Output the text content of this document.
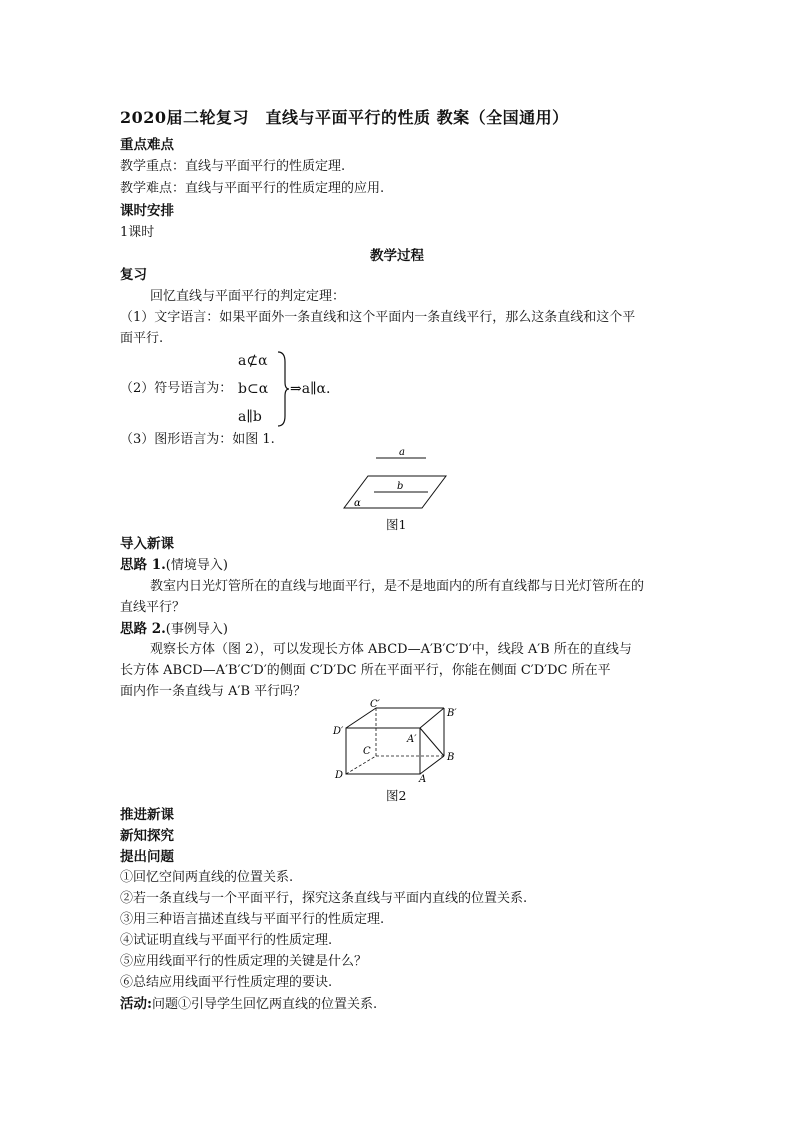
2020届二轮复习　直线与平面平行的性质 教案（全国通用）
重点难点
教学重点：直线与平面平行的性质定理.
教学难点：直线与平面平行的性质定理的应用.
课时安排
1课时
教学过程
复习
回忆直线与平面平行的判定定理：
（1）文字语言：如果平面外一条直线和这个平面内一条直线平行，那么这条直线和这个平
面平行.
（2）符号语言为：
a⊄α
b⊂α
a∥b
⇒a∥α.
（3）图形语言为：如图 1.
a
b
α
图1
导入新课
思路 1.(情境导入)
教室内日光灯管所在的直线与地面平行，是不是地面内的所有直线都与日光灯管所在的
直线平行？
思路 2.(事例导入)
观察长方体（图 2），可以发现长方体 ABCD—A′B′C′D′中，线段 A′B 所在的直线与
长方体 ABCD—A′B′C′D′的侧面 C′D′DC 所在平面平行，你能在侧面 C′D′DC 所在平
面内作一条直线与 A′B 平行吗？
C′
B′
D′
A′
C
B
D	A
图2
推进新课
新知探究
提出问题
①回忆空间两直线的位置关系.
②若一条直线与一个平面平行，探究这条直线与平面内直线的位置关系.
③用三种语言描述直线与平面平行的性质定理.
④试证明直线与平面平行的性质定理.
⑤应用线面平行的性质定理的关键是什么？
⑥总结应用线面平行性质定理的要诀.
活动:问题①引导学生回忆两直线的位置关系.
